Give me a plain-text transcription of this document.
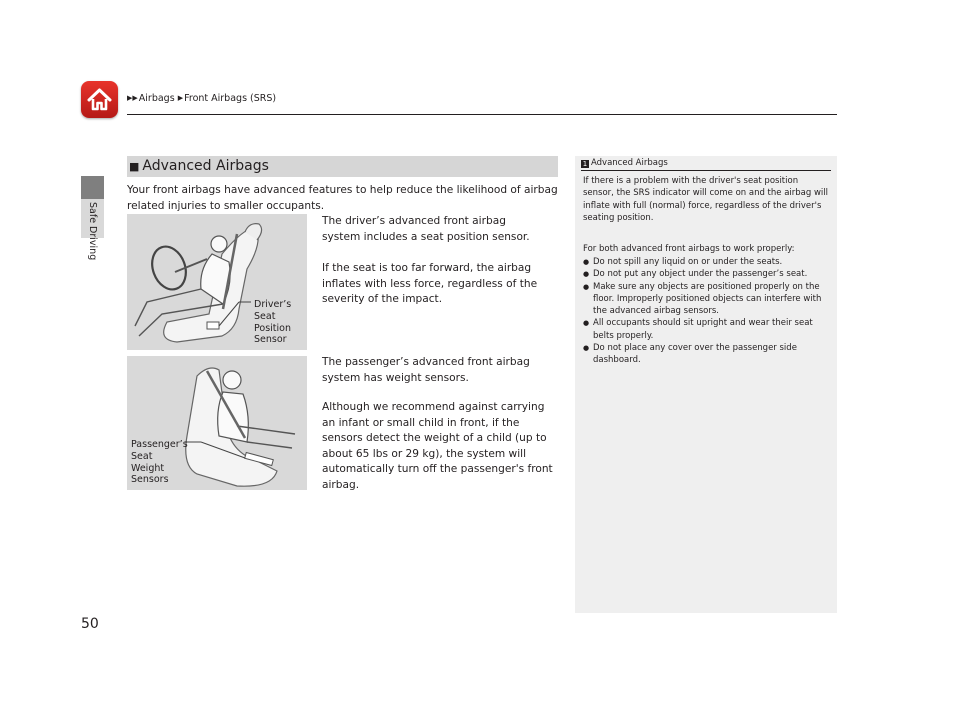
▶▶Airbags ▶Front Airbags (SRS)
Safe Driving
■ Advanced Airbags
Your front airbags have advanced features to help reduce the likelihood of airbag related injuries to smaller occupants.
Driver’s
Seat
Position
Sensor
The driver’s advanced front airbag system includes a seat position sensor.
If the seat is too far forward, the airbag inflates with less force, regardless of the severity of the impact.
Passenger’s
Seat
Weight
Sensors
The passenger’s advanced front airbag system has weight sensors.
Although we recommend against carrying an infant or small child in front, if the sensors detect the weight of a child (up to about 65 lbs or 29 kg), the system will automatically turn off the passenger's front airbag.
1 Advanced Airbags
If there is a problem with the driver's seat position sensor, the SRS indicator will come on and the airbag will inflate with full (normal) force, regardless of the driver's seating position.
For both advanced front airbags to work properly:
● Do not spill any liquid on or under the seats.
● Do not put any object under the passenger’s seat.
● Make sure any objects are positioned properly on the floor. Improperly positioned objects can interfere with the advanced airbag sensors.
● All occupants should sit upright and wear their seat belts properly.
● Do not place any cover over the passenger side dashboard.
50
